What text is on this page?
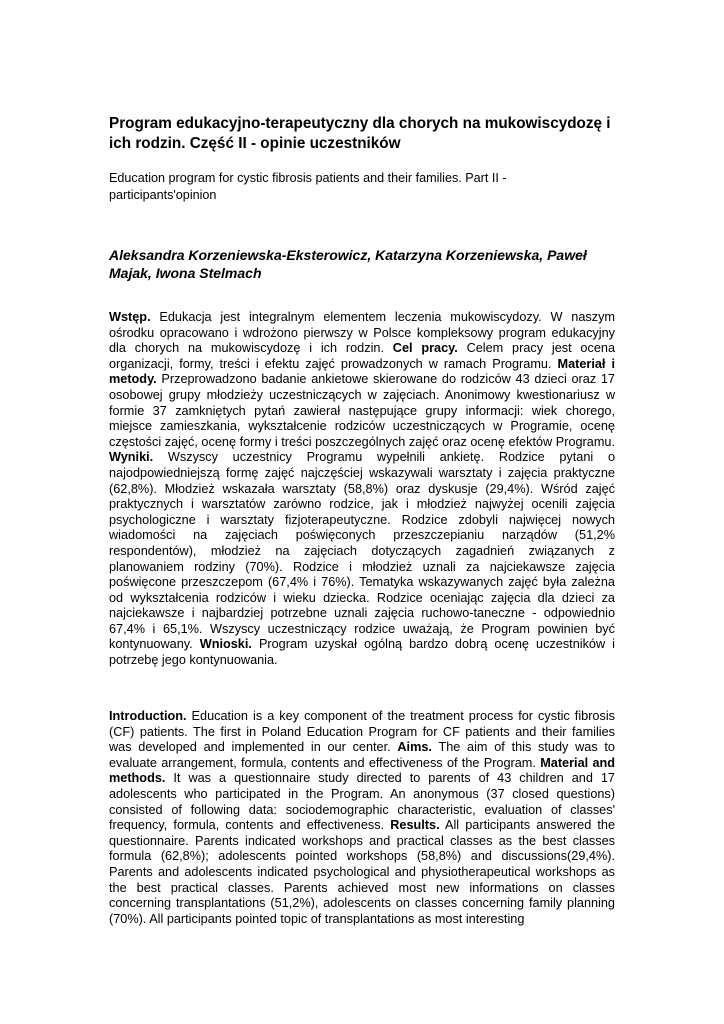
Program edukacyjno-terapeutyczny dla chorych na mukowiscydozę i ich rodzin. Część II - opinie uczestników

Education program for cystic fibrosis patients and their families. Part II - participants'opinion

Aleksandra Korzeniewska-Eksterowicz, Katarzyna Korzeniewska, Paweł Majak, Iwona Stelmach

Wstęp. Edukacja jest integralnym elementem leczenia mukowiscydozy. W naszym ośrodku opracowano i wdrożono pierwszy w Polsce kompleksowy program edukacyjny dla chorych na mukowiscydozę i ich rodzin. Cel pracy. Celem pracy jest ocena organizacji, formy, treści i efektu zajęć prowadzonych w ramach Programu. Materiał i metody. Przeprowadzono badanie ankietowe skierowane do rodziców 43 dzieci oraz 17 osobowej grupy młodzieży uczestniczących w zajęciach. Anonimowy kwestionariusz w formie 37 zamkniętych pytań zawierał następujące grupy informacji: wiek chorego, miejsce zamieszkania, wykształcenie rodziców uczestniczących w Programie, ocenę częstości zajęć, ocenę formy i treści poszczególnych zajęć oraz ocenę efektów Programu. Wyniki. Wszyscy uczestnicy Programu wypełnili ankietę. Rodzice pytani o najodpowiedniejszą formę zajęć najczęściej wskazywali warsztaty i zajęcia praktyczne (62,8%). Młodzież wskazała warsztaty (58,8%) oraz dyskusje (29,4%). Wśród zajęć praktycznych i warsztatów zarówno rodzice, jak i młodzież najwyżej ocenili zajęcia psychologiczne i warsztaty fizjoterapeutyczne. Rodzice zdobyli najwięcej nowych wiadomości na zajęciach poświęconych przeszczepianiu narządów (51,2% respondentów), młodzież na zajęciach dotyczących zagadnień związanych z planowaniem rodziny (70%). Rodzice i młodzież uznali za najciekawsze zajęcia poświęcone przeszczepom (67,4% i 76%). Tematyka wskazywanych zajęć była zależna od wykształcenia rodziców i wieku dziecka. Rodzice oceniając zajęcia dla dzieci za najciekawsze i najbardziej potrzebne uznali zajęcia ruchowo-taneczne - odpowiednio 67,4% i 65,1%. Wszyscy uczestniczący rodzice uważają, że Program powinien być kontynuowany. Wnioski. Program uzyskał ogólną bardzo dobrą ocenę uczestników i potrzebę jego kontynuowania.

Introduction. Education is a key component of the treatment process for cystic fibrosis (CF) patients. The first in Poland Education Program for CF patients and their families was developed and implemented in our center. Aims. The aim of this study was to evaluate arrangement, formula, contents and effectiveness of the Program. Material and methods. It was a questionnaire study directed to parents of 43 children and 17 adolescents who participated in the Program. An anonymous (37 closed questions) consisted of following data: sociodemographic characteristic, evaluation of classes' frequency, formula, contents and effectiveness. Results. All participants answered the questionnaire. Parents indicated workshops and practical classes as the best classes formula (62,8%); adolescents pointed workshops (58,8%) and discussions(29,4%). Parents and adolescents indicated psychological and physiotherapeutical workshops as the best practical classes. Parents achieved most new informations on classes concerning transplantations (51,2%), adolescents on classes concerning family planning (70%). All participants pointed topic of transplantations as most interesting
